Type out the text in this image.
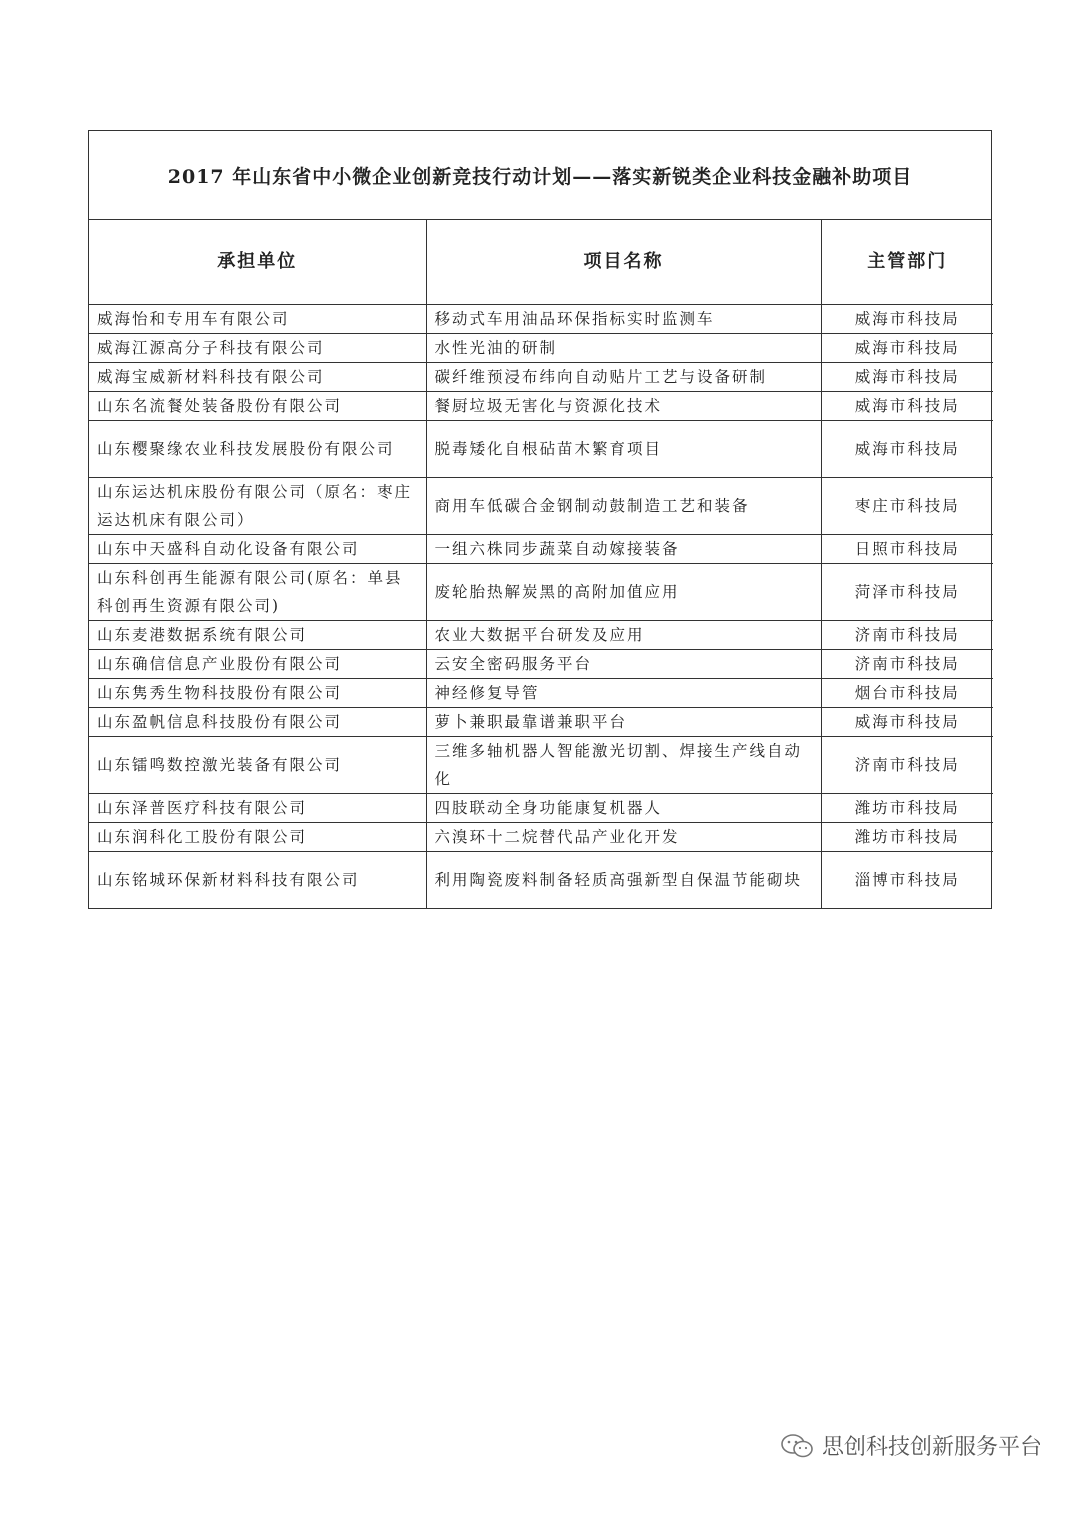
2017 年山东省中小微企业创新竞技行动计划——落实新锐类企业科技金融补助项目
承担单位	项目名称	主管部门
威海怡和专用车有限公司	移动式车用油品环保指标实时监测车	威海市科技局
威海江源高分子科技有限公司	水性光油的研制	威海市科技局
威海宝威新材料科技有限公司	碳纤维预浸布纬向自动贴片工艺与设备研制	威海市科技局
山东名流餐处装备股份有限公司	餐厨垃圾无害化与资源化技术	威海市科技局
山东樱聚缘农业科技发展股份有限公司	脱毒矮化自根砧苗木繁育项目	威海市科技局
山东运达机床股份有限公司（原名：枣庄运达机床有限公司）	商用车低碳合金钢制动鼓制造工艺和装备	枣庄市科技局
山东中天盛科自动化设备有限公司	一组六株同步蔬菜自动嫁接装备	日照市科技局
山东科创再生能源有限公司(原名：单县科创再生资源有限公司)	废轮胎热解炭黑的高附加值应用	菏泽市科技局
山东麦港数据系统有限公司	农业大数据平台研发及应用	济南市科技局
山东确信信息产业股份有限公司	云安全密码服务平台	济南市科技局
山东隽秀生物科技股份有限公司	神经修复导管	烟台市科技局
山东盈帆信息科技股份有限公司	萝卜兼职最靠谱兼职平台	威海市科技局
山东镭鸣数控激光装备有限公司	三维多轴机器人智能激光切割、焊接生产线自动化	济南市科技局
山东泽普医疗科技有限公司	四肢联动全身功能康复机器人	潍坊市科技局
山东润科化工股份有限公司	六溴环十二烷替代品产业化开发	潍坊市科技局
山东铭城环保新材料科技有限公司	利用陶瓷废料制备轻质高强新型自保温节能砌块	淄博市科技局
思创科技创新服务平台
